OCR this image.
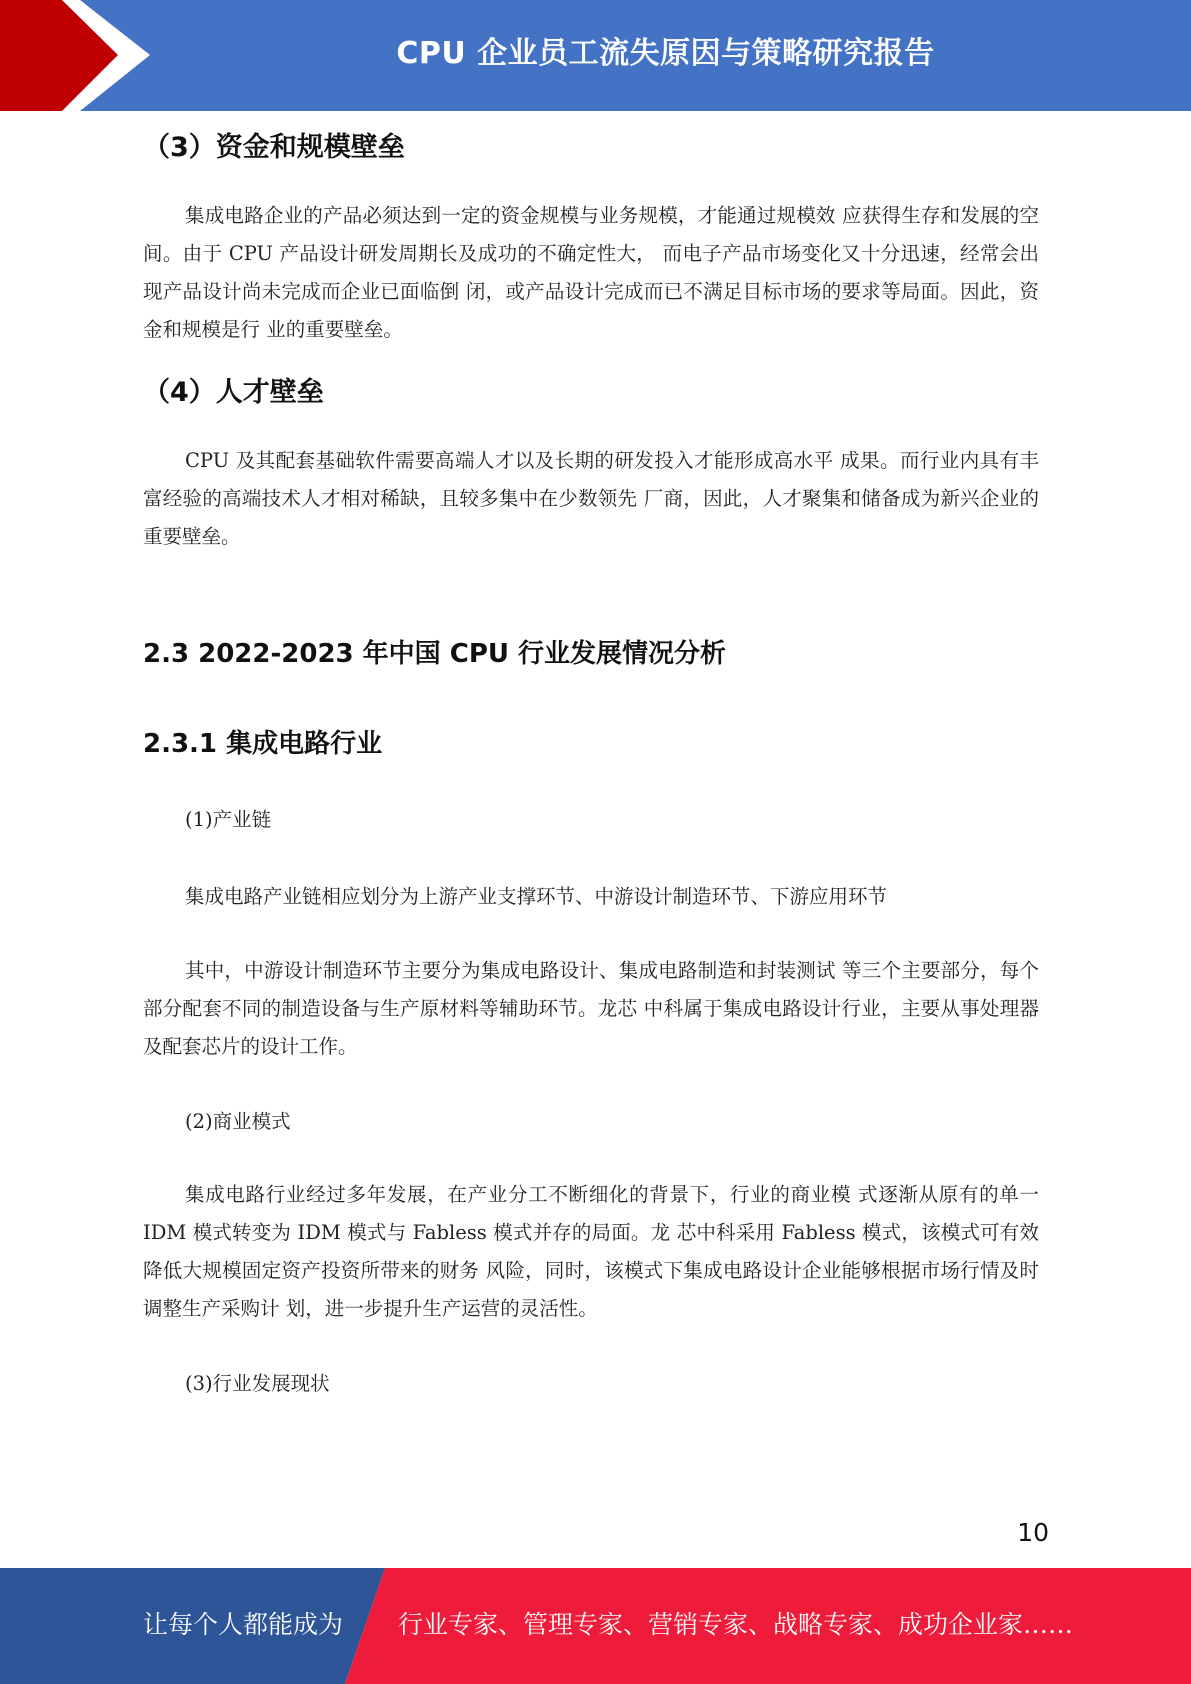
CPU 企业员工流失原因与策略研究报告
（3）资金和规模壁垒

集成电路企业的产品必须达到一定的资金规模与业务规模，才能通过规模效 应获得生存和发展的空间。由于 CPU 产品设计研发周期长及成功的不确定性大， 而电子产品市场变化又十分迅速，经常会出现产品设计尚未完成而企业已面临倒 闭，或产品设计完成而已不满足目标市场的要求等局面。因此，资金和规模是行 业的重要壁垒。

（4）人才壁垒

CPU 及其配套基础软件需要高端人才以及长期的研发投入才能形成高水平 成果。而行业内具有丰富经验的高端技术人才相对稀缺，且较多集中在少数领先 厂商，因此，人才聚集和储备成为新兴企业的重要壁垒。

2.3 2022-2023 年中国 CPU 行业发展情况分析
2.3.1 集成电路行业

(1)产业链

集成电路产业链相应划分为上游产业支撑环节、中游设计制造环节、下游应用环节

其中，中游设计制造环节主要分为集成电路设计、集成电路制造和封装测试 等三个主要部分，每个部分配套不同的制造设备与生产原材料等辅助环节。龙芯 中科属于集成电路设计行业，主要从事处理器及配套芯片的设计工作。

(2)商业模式

集成电路行业经过多年发展，在产业分工不断细化的背景下，行业的商业模 式逐渐从原有的单一 IDM 模式转变为 IDM 模式与 Fabless 模式并存的局面。龙 芯中科采用 Fabless 模式，该模式可有效降低大规模固定资产投资所带来的财务 风险，同时，该模式下集成电路设计企业能够根据市场行情及时调整生产采购计 划，进一步提升生产运营的灵活性。

(3)行业发展现状

10
让每个人都能成为 行业专家、管理专家、营销专家、战略专家、成功企业家……
